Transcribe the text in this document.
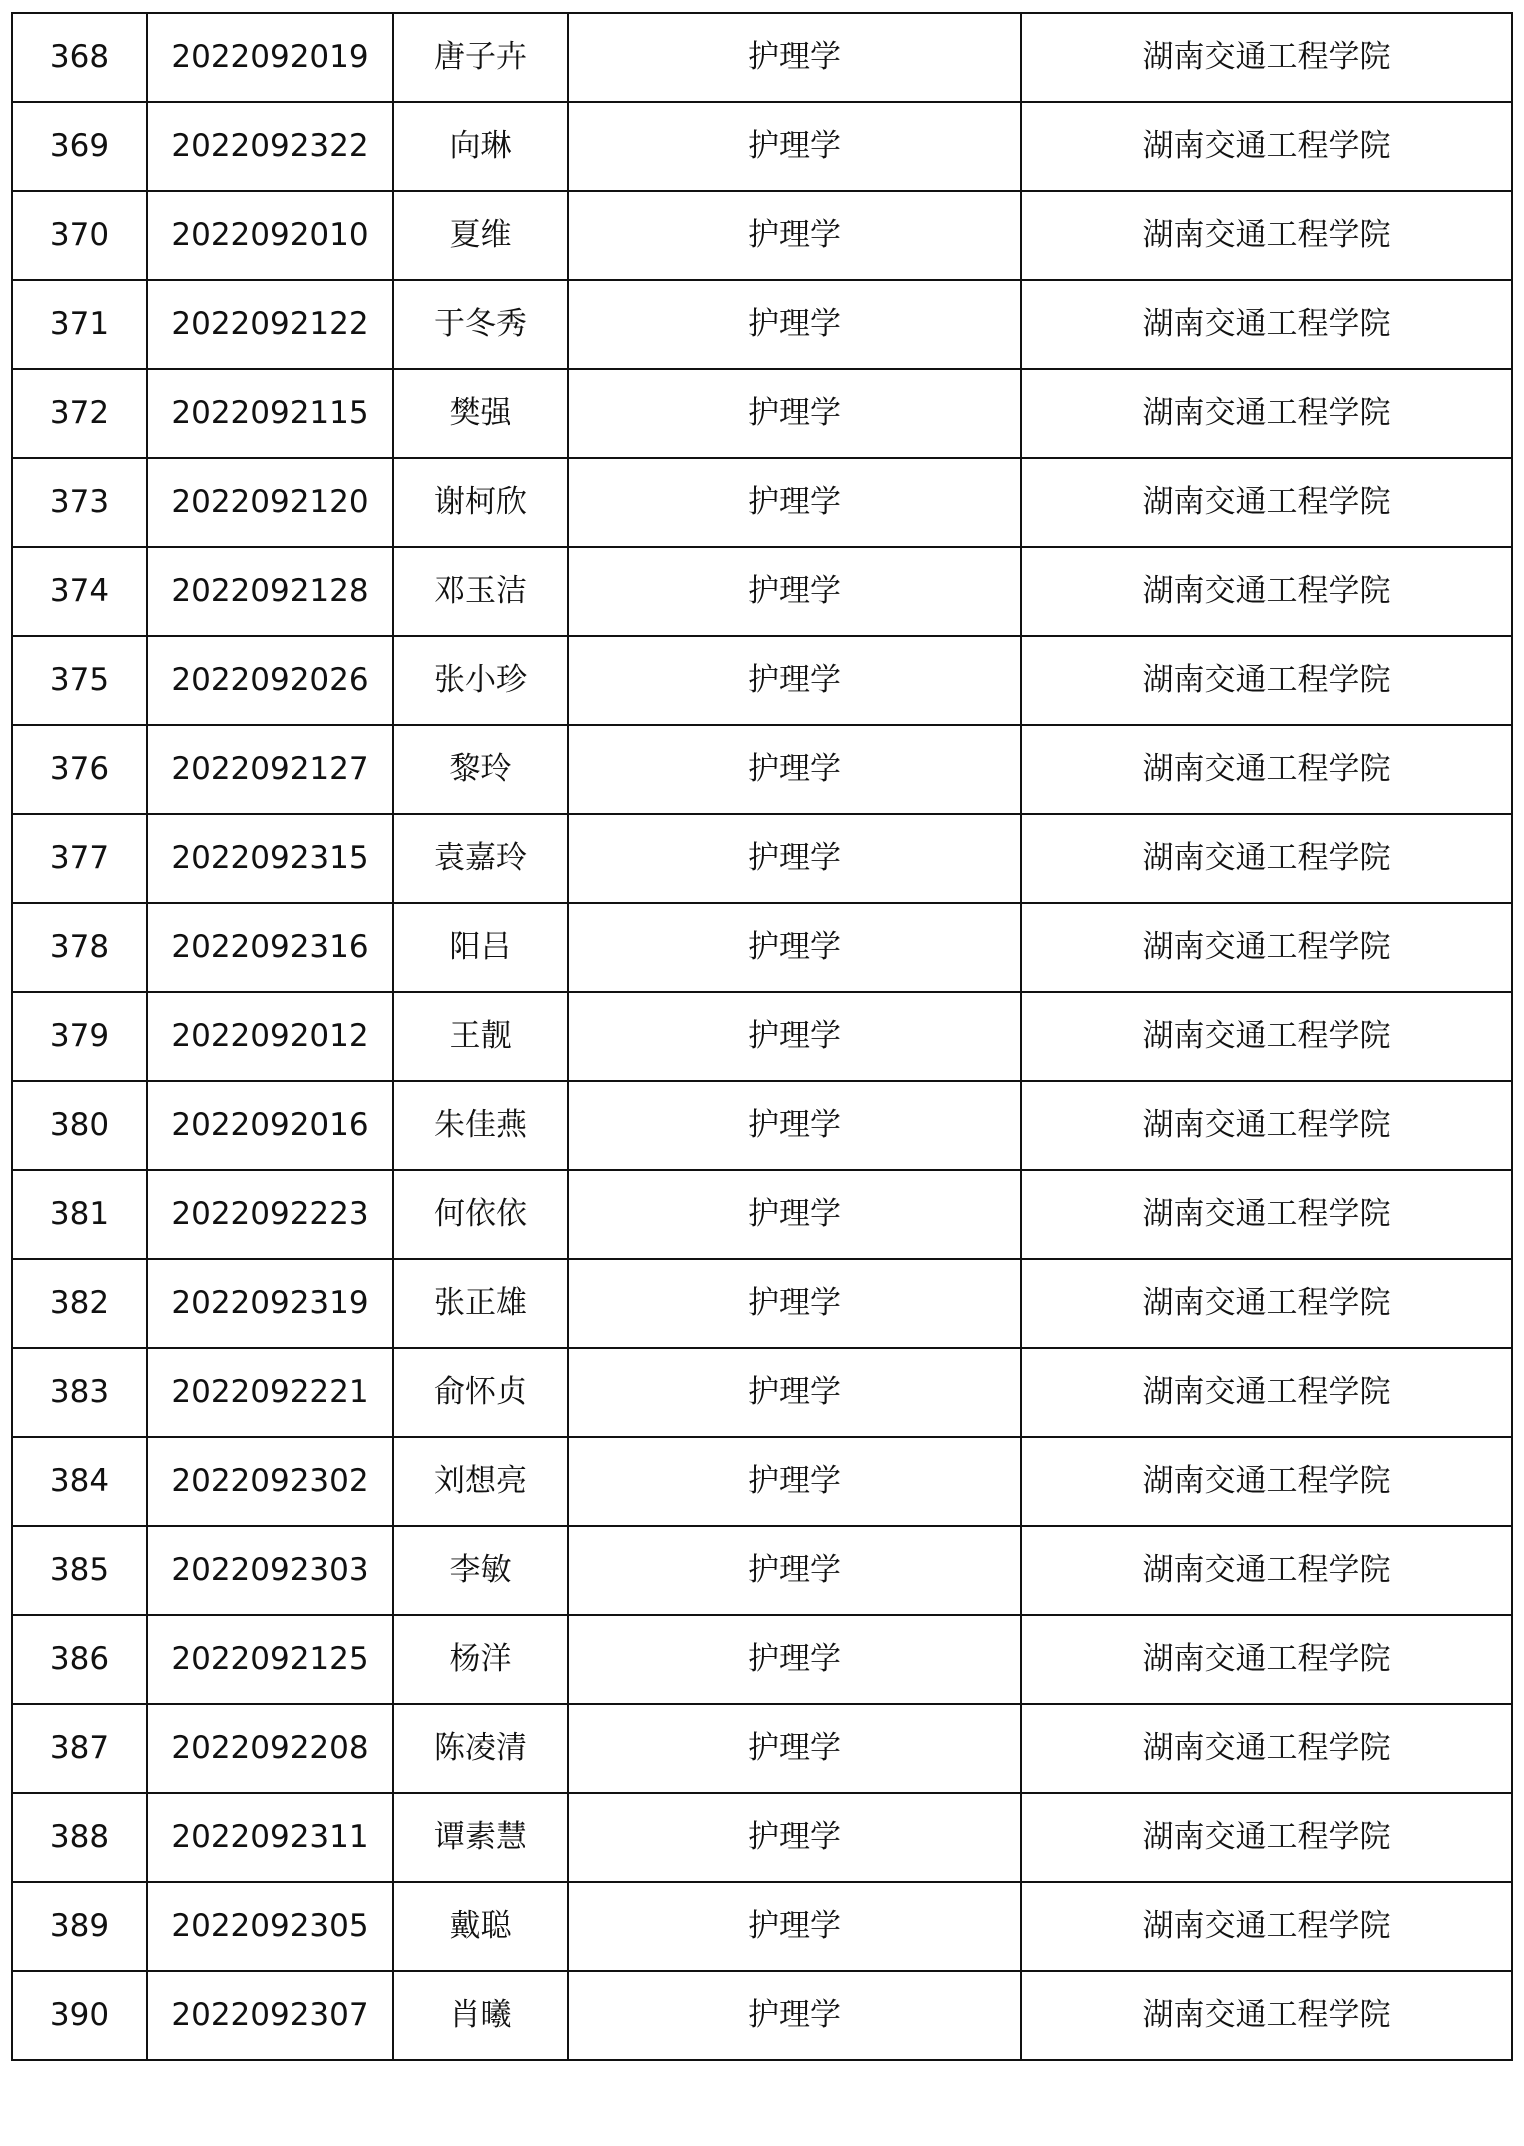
368	2022092019	唐子卉	护理学	湖南交通工程学院
369	2022092322	向琳	护理学	湖南交通工程学院
370	2022092010	夏维	护理学	湖南交通工程学院
371	2022092122	于冬秀	护理学	湖南交通工程学院
372	2022092115	樊强	护理学	湖南交通工程学院
373	2022092120	谢柯欣	护理学	湖南交通工程学院
374	2022092128	邓玉洁	护理学	湖南交通工程学院
375	2022092026	张小珍	护理学	湖南交通工程学院
376	2022092127	黎玲	护理学	湖南交通工程学院
377	2022092315	袁嘉玲	护理学	湖南交通工程学院
378	2022092316	阳吕	护理学	湖南交通工程学院
379	2022092012	王靓	护理学	湖南交通工程学院
380	2022092016	朱佳燕	护理学	湖南交通工程学院
381	2022092223	何依依	护理学	湖南交通工程学院
382	2022092319	张正雄	护理学	湖南交通工程学院
383	2022092221	俞怀贞	护理学	湖南交通工程学院
384	2022092302	刘想亮	护理学	湖南交通工程学院
385	2022092303	李敏	护理学	湖南交通工程学院
386	2022092125	杨洋	护理学	湖南交通工程学院
387	2022092208	陈凌清	护理学	湖南交通工程学院
388	2022092311	谭素慧	护理学	湖南交通工程学院
389	2022092305	戴聪	护理学	湖南交通工程学院
390	2022092307	肖曦	护理学	湖南交通工程学院
